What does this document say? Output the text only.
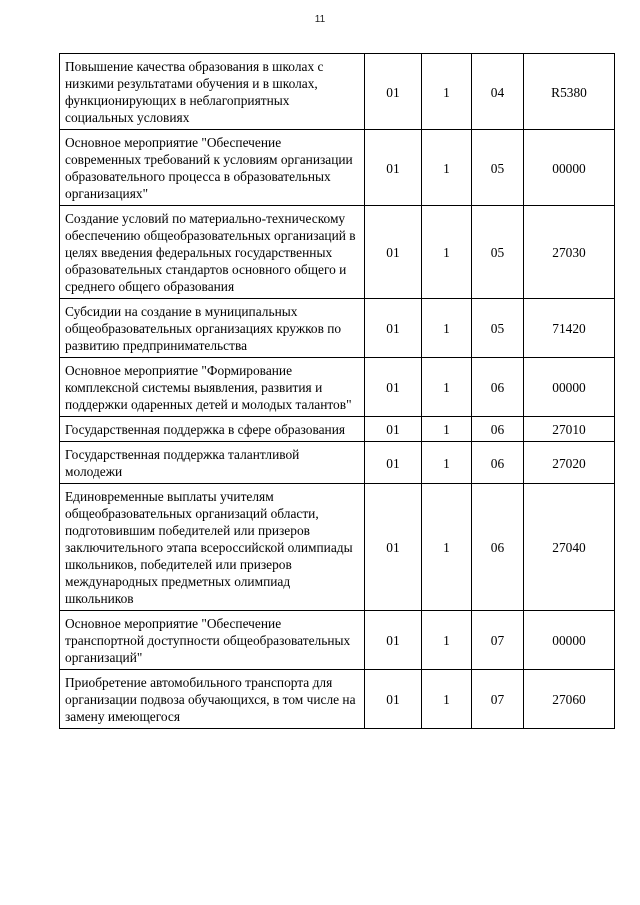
11
Повышение качества образования в школах с низкими результатами обучения и в школах, функционирующих в неблагоприятных социальных условиях	01	1	04	R5380
Основное мероприятие "Обеспечение современных требований к условиям организации образовательного процесса в образовательных организациях"	01	1	05	00000
Создание условий по материально-техническому обеспечению общеобразовательных организаций в целях введения федеральных государственных образовательных стандартов основного общего и среднего общего образования	01	1	05	27030
Субсидии на создание в муниципальных общеобразовательных организациях кружков по развитию предпринимательства	01	1	05	71420
Основное мероприятие "Формирование комплексной системы выявления, развития и поддержки одаренных детей и молодых талантов"	01	1	06	00000
Государственная поддержка в сфере образования	01	1	06	27010
Государственная поддержка талантливой молодежи	01	1	06	27020
Единовременные выплаты учителям общеобразовательных организаций области, подготовившим победителей или призеров заключительного этапа всероссийской олимпиады школьников, победителей или призеров международных предметных олимпиад школьников	01	1	06	27040
Основное мероприятие "Обеспечение транспортной доступности общеобразовательных организаций"	01	1	07	00000
Приобретение автомобильного транспорта для организации подвоза обучающихся, в том числе на замену имеющегося	01	1	07	27060
